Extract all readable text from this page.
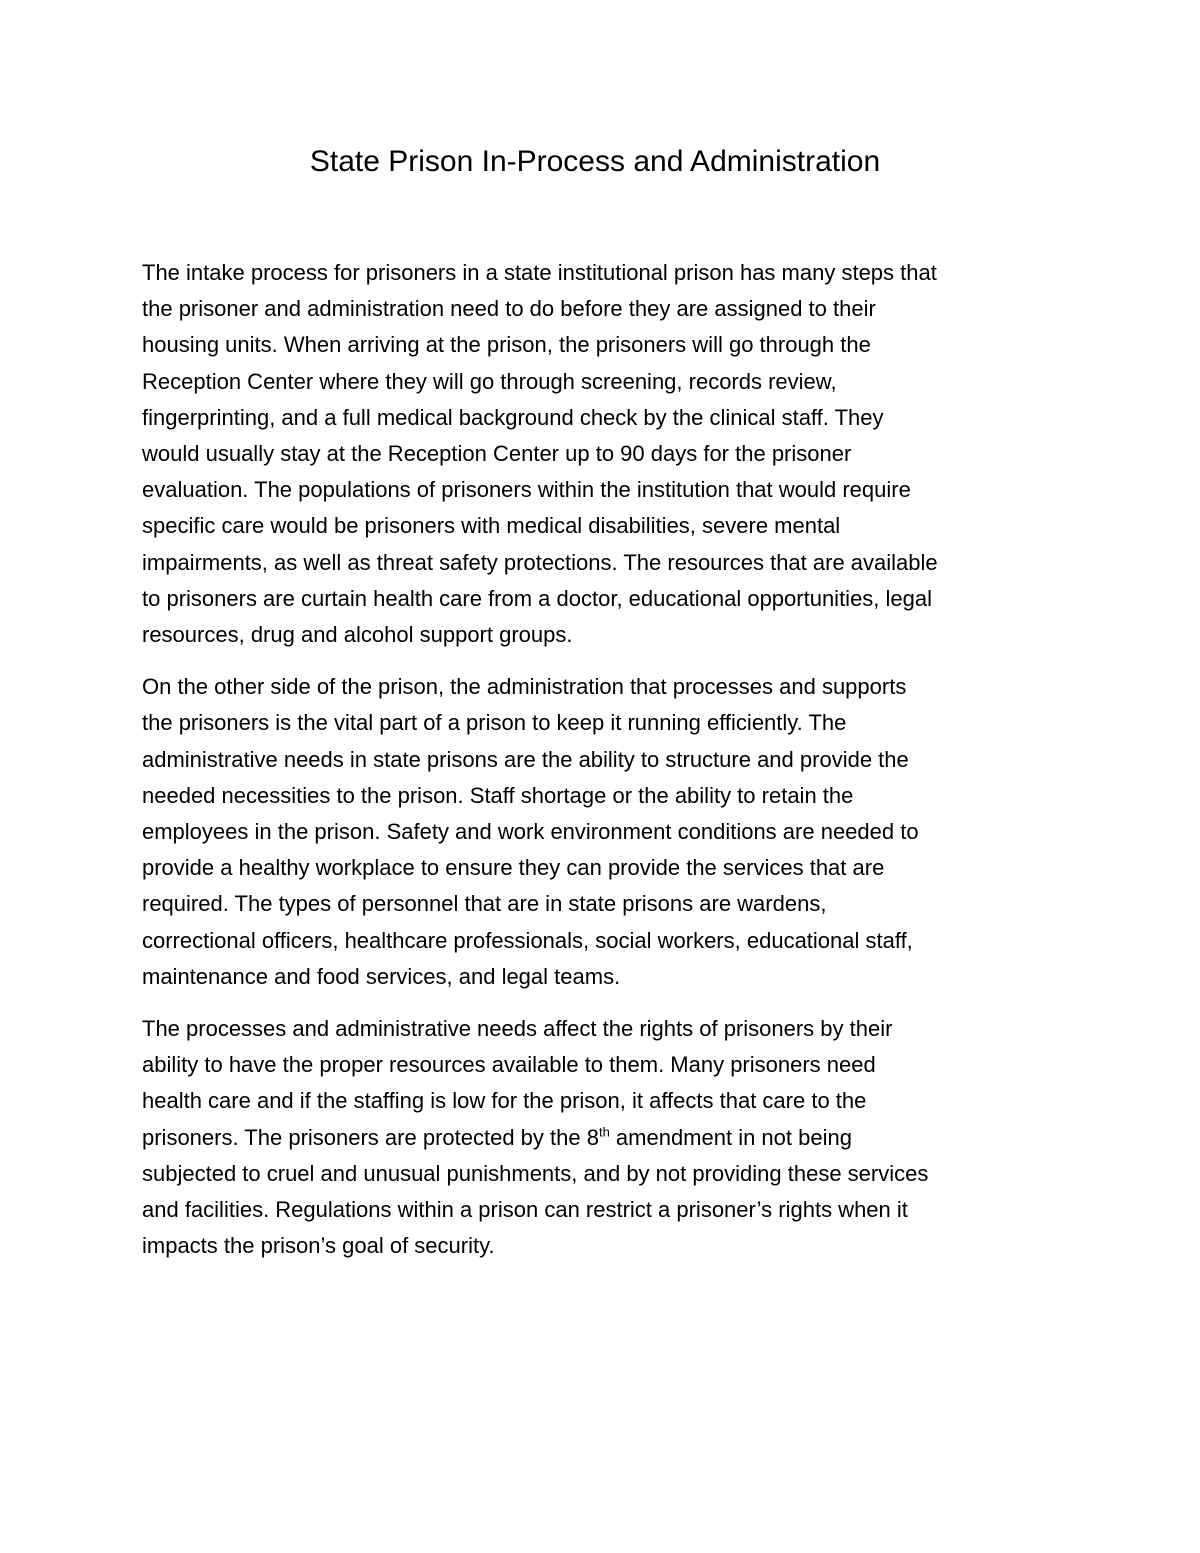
State Prison In-Process and Administration

The intake process for prisoners in a state institutional prison has many steps that
the prisoner and administration need to do before they are assigned to their
housing units. When arriving at the prison, the prisoners will go through the
Reception Center where they will go through screening, records review,
fingerprinting, and a full medical background check by the clinical staff. They
would usually stay at the Reception Center up to 90 days for the prisoner
evaluation. The populations of prisoners within the institution that would require
specific care would be prisoners with medical disabilities, severe mental
impairments, as well as threat safety protections. The resources that are available
to prisoners are curtain health care from a doctor, educational opportunities, legal
resources, drug and alcohol support groups.

On the other side of the prison, the administration that processes and supports
the prisoners is the vital part of a prison to keep it running efficiently. The
administrative needs in state prisons are the ability to structure and provide the
needed necessities to the prison. Staff shortage or the ability to retain the
employees in the prison. Safety and work environment conditions are needed to
provide a healthy workplace to ensure they can provide the services that are
required. The types of personnel that are in state prisons are wardens,
correctional officers, healthcare professionals, social workers, educational staff,
maintenance and food services, and legal teams.

The processes and administrative needs affect the rights of prisoners by their
ability to have the proper resources available to them. Many prisoners need
health care and if the staffing is low for the prison, it affects that care to the
prisoners. The prisoners are protected by the 8th amendment in not being
subjected to cruel and unusual punishments, and by not providing these services
and facilities. Regulations within a prison can restrict a prisoner’s rights when it
impacts the prison’s goal of security.
